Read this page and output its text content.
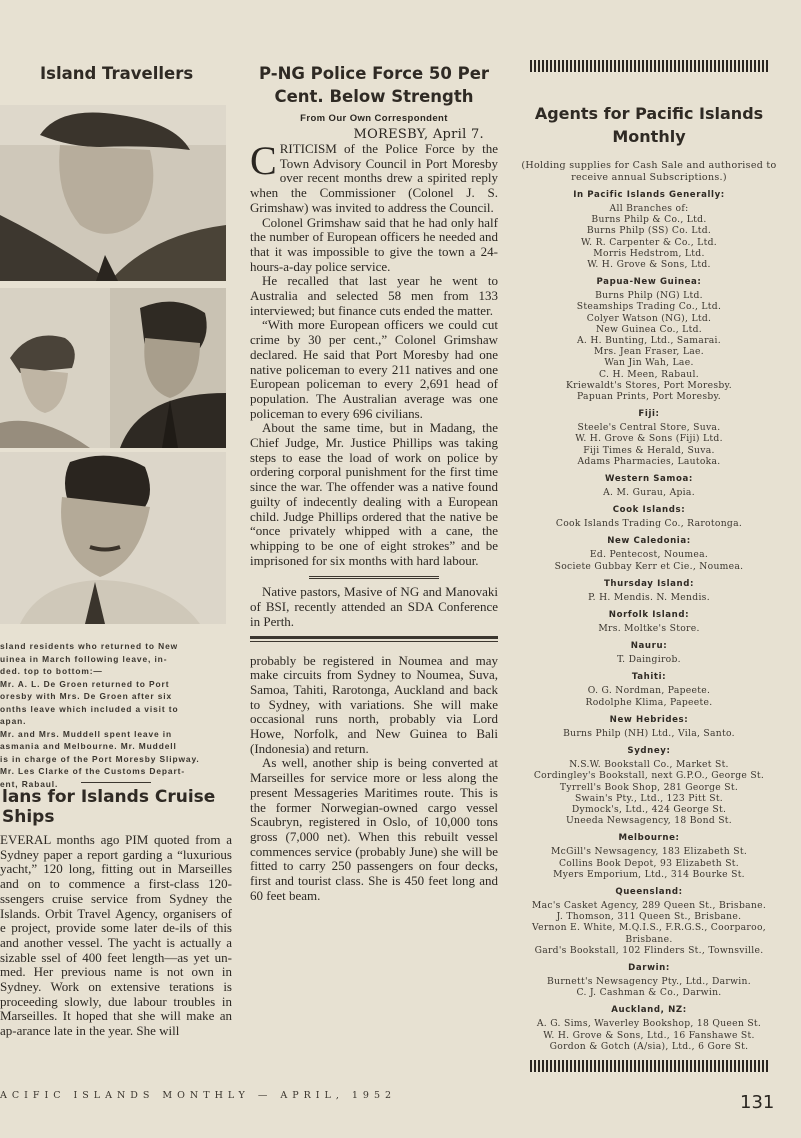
Island Travellers
sland residents who returned to New
uinea in March following leave, in-
ded. top to bottom:—
Mr. A. L. De Groen returned to Port
oresby with Mrs. De Groen after six
onths leave which included a visit to
apan.
Mr. and Mrs. Muddell spent leave in
asmania and Melbourne. Mr. Muddell
is in charge of the Port Moresby Slipway.
Mr. Les Clarke of the Customs Depart-
ent, Rabaul.
lans for Islands Cruise Ships

EVERAL months ago PIM quoted from a Sydney paper a report garding a “luxurious yacht,” 120 long, fitting out in Marseilles and on to commence a first-class 120-ssengers cruise service from Sydney the Islands. Orbit Travel Agency, organisers of e project, provide some later de-ils of this and another vessel. The yacht is actually a sizable ssel of 400 feet length—as yet un-med. Her previous name is not own in Sydney. Work on extensive terations is proceeding slowly, due labour troubles in Marseilles. It hoped that she will make an ap-arance late in the year. She will

P-NG Police Force 50 Per
Cent. Below Strength
From Our Own Correspondent
MORESBY, April 7.

CRITICISM of the Police Force by the Town Advisory Council in Port Moresby over recent months drew a spirited reply when the Commissioner (Colonel J. S. Grimshaw) was invited to address the Council.

Colonel Grimshaw said that he had only half the number of European officers he needed and that it was impossible to give the town a 24-hours-a-day police service.

He recalled that last year he went to Australia and selected 58 men from 133 interviewed; but finance cuts ended the matter.

“With more European officers we could cut crime by 30 per cent.,” Colonel Grimshaw declared. He said that Port Moresby had one native policeman to every 211 natives and one European policeman to every 2,691 head of population. The Australian average was one policeman to every 696 civilians.

About the same time, but in Madang, the Chief Judge, Mr. Justice Phillips was taking steps to ease the load of work on police by ordering corporal punishment for the first time since the war. The offender was a native found guilty of indecently dealing with a European child. Judge Phillips ordered that the native be “once privately whipped with a cane, the whipping to be one of eight strokes” and be imprisoned for six months with hard labour.

Native pastors, Masive of NG and Manovaki of BSI, recently attended an SDA Conference in Perth.

probably be registered in Noumea and may make circuits from Sydney to Noumea, Suva, Samoa, Tahiti, Rarotonga, Auckland and back to Sydney, with variations. She will make occasional runs north, probably via Lord Howe, Norfolk, and New Guinea to Bali (Indonesia) and return.

As well, another ship is being converted at Marseilles for service more or less along the present Messageries Maritimes route. This is the former Norwegian-owned cargo vessel Scaubryn, registered in Oslo, of 10,000 tons gross (7,000 net). When this rebuilt vessel commences service (probably June) she will be fitted to carry 250 passengers on four decks, first and tourist class. She is 450 feet long and 60 feet beam.

Agents for Pacific Islands
Monthly
(Holding supplies for Cash Sale and authorised to receive annual Subscriptions.)
In Pacific Islands Generally:
All Branches of:
Burns Philp & Co., Ltd.
Burns Philp (SS) Co. Ltd.
W. R. Carpenter & Co., Ltd.
Morris Hedstrom, Ltd.
W. H. Grove & Sons, Ltd.
Papua-New Guinea:
Burns Philp (NG) Ltd.
Steamships Trading Co., Ltd.
Colyer Watson (NG), Ltd.
New Guinea Co., Ltd.
A. H. Bunting, Ltd., Samarai.
Mrs. Jean Fraser, Lae.
Wan Jin Wah, Lae.
C. H. Meen, Rabaul.
Kriewaldt's Stores, Port Moresby.
Papuan Prints, Port Moresby.
Fiji:
Steele's Central Store, Suva.
W. H. Grove & Sons (Fiji) Ltd.
Fiji Times & Herald, Suva.
Adams Pharmacies, Lautoka.
Western Samoa:
A. M. Gurau, Apia.
Cook Islands:
Cook Islands Trading Co., Rarotonga.
New Caledonia:
Ed. Pentecost, Noumea.
Societe Gubbay Kerr et Cie., Noumea.
Thursday Island:
P. H. Mendis. N. Mendis.
Norfolk Island:
Mrs. Moltke's Store.
Nauru:
T. Daingirob.
Tahiti:
O. G. Nordman, Papeete.
Rodolphe Klima, Papeete.
New Hebrides:
Burns Philp (NH) Ltd., Vila, Santo.
Sydney:
N.S.W. Bookstall Co., Market St.
Cordingley's Bookstall, next G.P.O., George St.
Tyrrell's Book Shop, 281 George St.
Swain's Pty., Ltd., 123 Pitt St.
Dymock's, Ltd., 424 George St.
Uneeda Newsagency, 18 Bond St.
Melbourne:
McGill's Newsagency, 183 Elizabeth St.
Collins Book Depot, 93 Elizabeth St.
Myers Emporium, Ltd., 314 Bourke St.
Queensland:
Mac's Casket Agency, 289 Queen St., Brisbane.
J. Thomson, 311 Queen St., Brisbane.
Vernon E. White, M.Q.I.S., F.R.G.S., Coorparoo, Brisbane.
Gard's Bookstall, 102 Flinders St., Townsville.
Darwin:
Burnett's Newsagency Pty., Ltd., Darwin.
C. J. Cashman & Co., Darwin.
Auckland, NZ:
A. G. Sims, Waverley Bookshop, 18 Queen St.
W. H. Grove & Sons, Ltd., 16 Fanshawe St.
Gordon & Gotch (A/sia), Ltd., 6 Gore St.
ACIFIC ISLANDS MONTHLY — APRIL, 1952	131
